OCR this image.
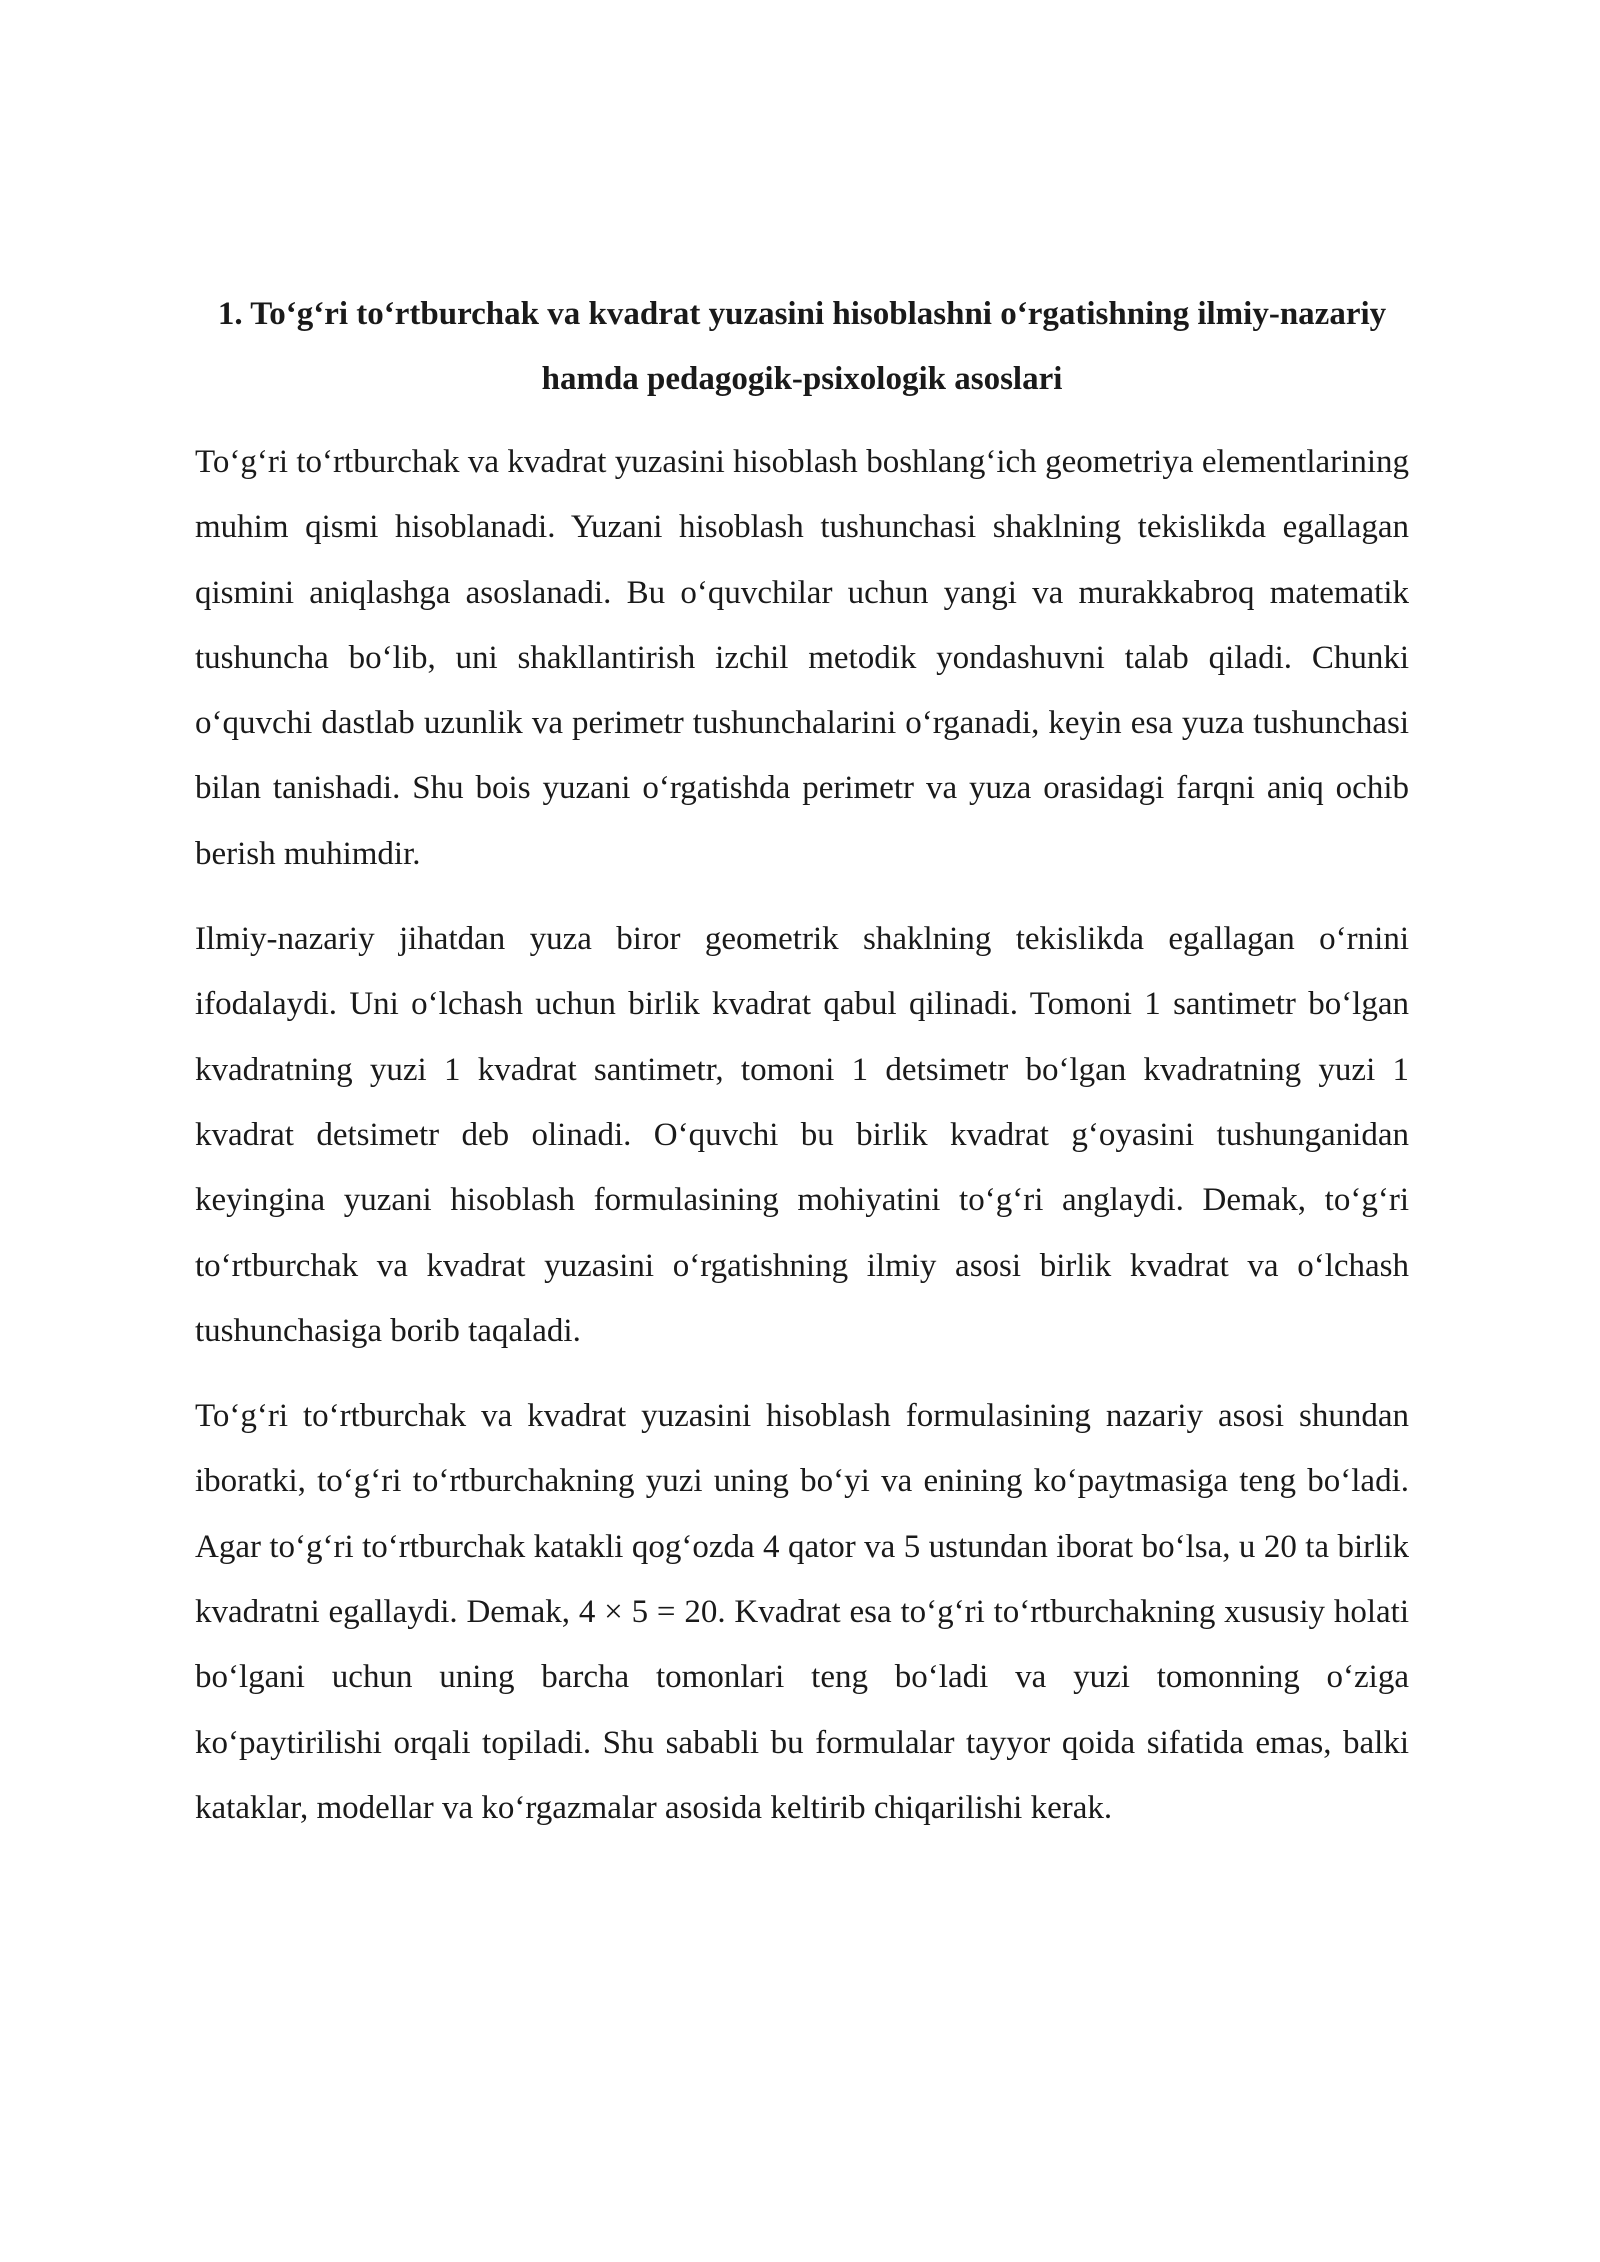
1. To‘g‘ri to‘rtburchak va kvadrat yuzasini hisoblashni o‘rgatishning ilmiy-nazariy hamda pedagogik-psixologik asoslari

To‘g‘ri to‘rtburchak va kvadrat yuzasini hisoblash boshlang‘ich geometriya elementlarining muhim qismi hisoblanadi. Yuzani hisoblash tushunchasi shaklning tekislikda egallagan qismini aniqlashga asoslanadi. Bu o‘quvchilar uchun yangi va murakkabroq matematik tushuncha bo‘lib, uni shakllantirish izchil metodik yondashuvni talab qiladi. Chunki o‘quvchi dastlab uzunlik va perimetr tushunchalarini o‘rganadi, keyin esa yuza tushunchasi bilan tanishadi. Shu bois yuzani o‘rgatishda perimetr va yuza orasidagi farqni aniq ochib berish muhimdir.

Ilmiy-nazariy jihatdan yuza biror geometrik shaklning tekislikda egallagan o‘rnini ifodalaydi. Uni o‘lchash uchun birlik kvadrat qabul qilinadi. Tomoni 1 santimetr bo‘lgan kvadratning yuzi 1 kvadrat santimetr, tomoni 1 detsimetr bo‘lgan kvadratning yuzi 1 kvadrat detsimetr deb olinadi. O‘quvchi bu birlik kvadrat g‘oyasini tushunganidan keyingina yuzani hisoblash formulasining mohiyatini to‘g‘ri anglaydi. Demak, to‘g‘ri to‘rtburchak va kvadrat yuzasini o‘rgatishning ilmiy asosi birlik kvadrat va o‘lchash tushunchasiga borib taqaladi.

To‘g‘ri to‘rtburchak va kvadrat yuzasini hisoblash formulasining nazariy asosi shundan iboratki, to‘g‘ri to‘rtburchakning yuzi uning bo‘yi va enining ko‘paytmasiga teng bo‘ladi. Agar to‘g‘ri to‘rtburchak katakli qog‘ozda 4 qator va 5 ustundan iborat bo‘lsa, u 20 ta birlik kvadratni egallaydi. Demak, 4 × 5 = 20. Kvadrat esa to‘g‘ri to‘rtburchakning xususiy holati bo‘lgani uchun uning barcha tomonlari teng bo‘ladi va yuzi tomonning o‘ziga ko‘paytirilishi orqali topiladi. Shu sababli bu formulalar tayyor qoida sifatida emas, balki kataklar, modellar va ko‘rgazmalar asosida keltirib chiqarilishi kerak.
